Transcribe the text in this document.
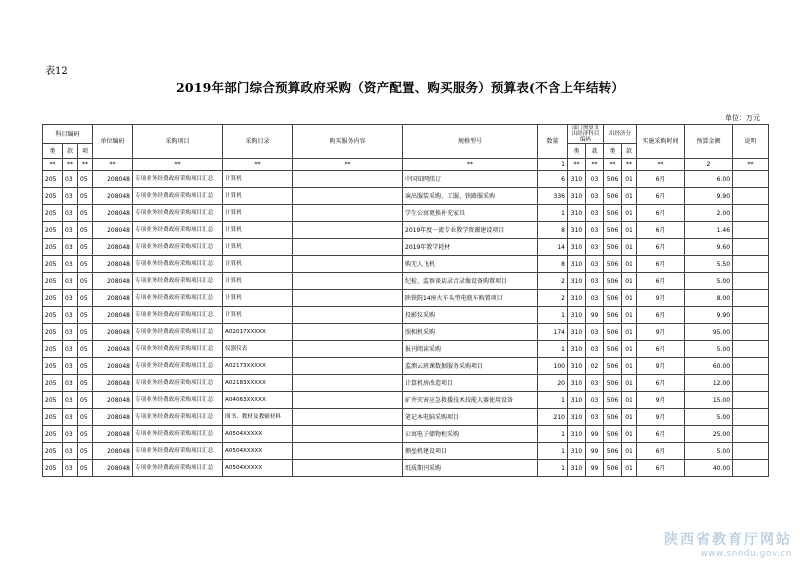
表12
2019年部门综合预算政府采购（资产配置、购买服务）预算表(不含上年结转）
单位：万元
科目编码			单位编码	采购项目	采购目录	购买服务内容	规格型号	数量	部门预算支出经济科目编码		出经济分		实施采购时间	预算金额	说明
类	款	项							类	款	类	款			
**	**	**	**	**	**	**	**	1	**	**	**	**	**	2	**
205	03	05	208048	专项业务经费政府采购项目汇总	计算机		中国知网续订	6	310	03	506	01	6月	6.00	
205	03	05	208048	专项业务经费政府采购项目汇总	计算机		演出服装采购、工服、铁路服采购	336	310	03	506	01	6月	9.90	
205	03	05	208048	专项业务经费政府采购项目汇总	计算机		学生公寓更换补充家具	1	310	03	506	01	6月	2.00	
205	03	05	208048	专项业务经费政府采购项目汇总	计算机		2019年度一流专业教学资源建设项目	8	310	03	506	01	6月	1.46	
205	03	05	208048	专项业务经费政府采购项目汇总	计算机		2019年教学耗材	14	310	03	506	01	6月	9.60	
205	03	05	208048	专项业务经费政府采购项目汇总	计算机		购无人飞机	8	310	03	506	01	6月	5.50	
205	03	05	208048	专项业务经费政府采购项目汇总	计算机		纪检、监察谈话录音录像设备购置项目	2	310	03	506	01	6月	5.00	
205	03	05	208048	专项业务经费政府采购项目汇总	计算机		陕铁院14座火车头型电瓶车购置项目	2	310	03	506	01	9月	8.00	
205	03	05	208048	专项业务经费政府采购项目汇总	计算机		投影仪采购	1	310	99	506	01	6月	9.90	
205	03	05	208048	专项业务经费政府采购项目汇总	A02017XXXXX		照相机采购	174	310	03	506	01	9月	95.00	
205	03	05	208048	专项业务经费政府采购项目汇总	仪器仪表		报刊阅读采购	1	310	03	506	01	6月	5.00	
205	03	05	208048	专项业务经费政府采购项目汇总	A02173XXXXX		监测云班课数据服务采购项目	100	310	02	506	01	9月	60.00	
205	03	05	208048	专项业务经费政府采购项目汇总	A02183XXXXX		计算机房改造项目	20	310	03	506	01	6月	12.00	
205	03	05	208048	专项业务经费政府采购项目汇总	A04063XXXXX		矿井灾害应急救援技术技能大赛使用设备	1	310	03	506	01	9月	15.00	
205	03	05	208048	专项业务经费政府采购项目汇总	图书、教材及教辅材料		笔记本电脑采购项目	210	310	03	506	01	9月	5.00	
205	03	05	208048	专项业务经费政府采购项目汇总	A0504XXXXX		公寓电子储物柜采购	1	310	99	506	01	6月	25.00	
205	03	05	208048	专项业务经费政府采购项目汇总	A0504XXXXX		侧垒机建设项目	1	310	99	506	01	6月	5.00	
205	03	05	208048	专项业务经费政府采购项目汇总	A0504XXXXX		纸质期刊采购	1	310	99	506	01	6月	40.00	
陕西省教育厅网站
www.snedu.gov.cn
